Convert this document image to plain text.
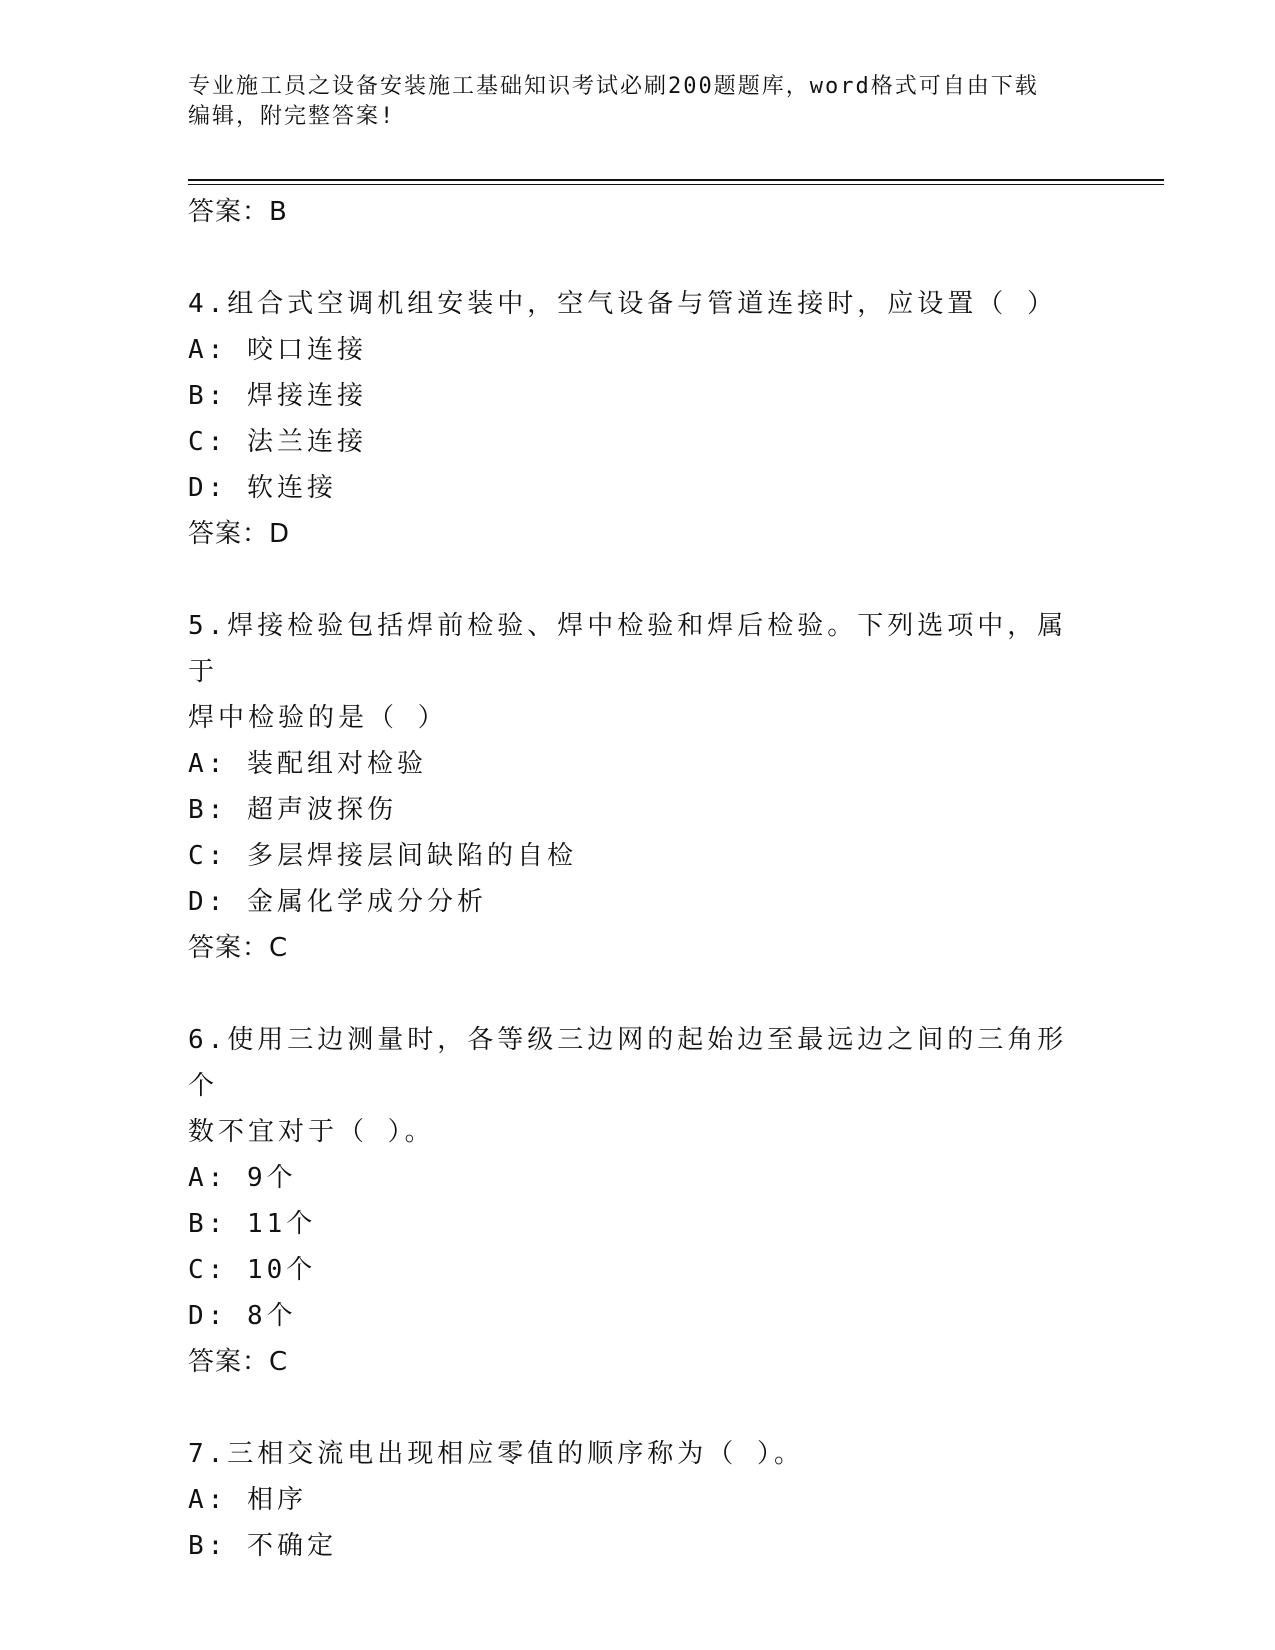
专业施工员之设备安装施工基础知识考试必刷200题题库，word格式可自由下载
编辑，附完整答案!
答案：B
4.组合式空调机组安装中，空气设备与管道连接时，应设置（ ）
A: 咬口连接
B: 焊接连接
C: 法兰连接
D: 软连接
答案：D
5.焊接检验包括焊前检验、焊中检验和焊后检验。下列选项中，属于
焊中检验的是（ ）
A: 装配组对检验
B: 超声波探伤
C: 多层焊接层间缺陷的自检
D: 金属化学成分分析
答案：C
6.使用三边测量时，各等级三边网的起始边至最远边之间的三角形个
数不宜对于（ ）。
A: 9个
B: 11个
C: 10个
D: 8个
答案：C
7.三相交流电出现相应零值的顺序称为（ ）。
A: 相序
B: 不确定
